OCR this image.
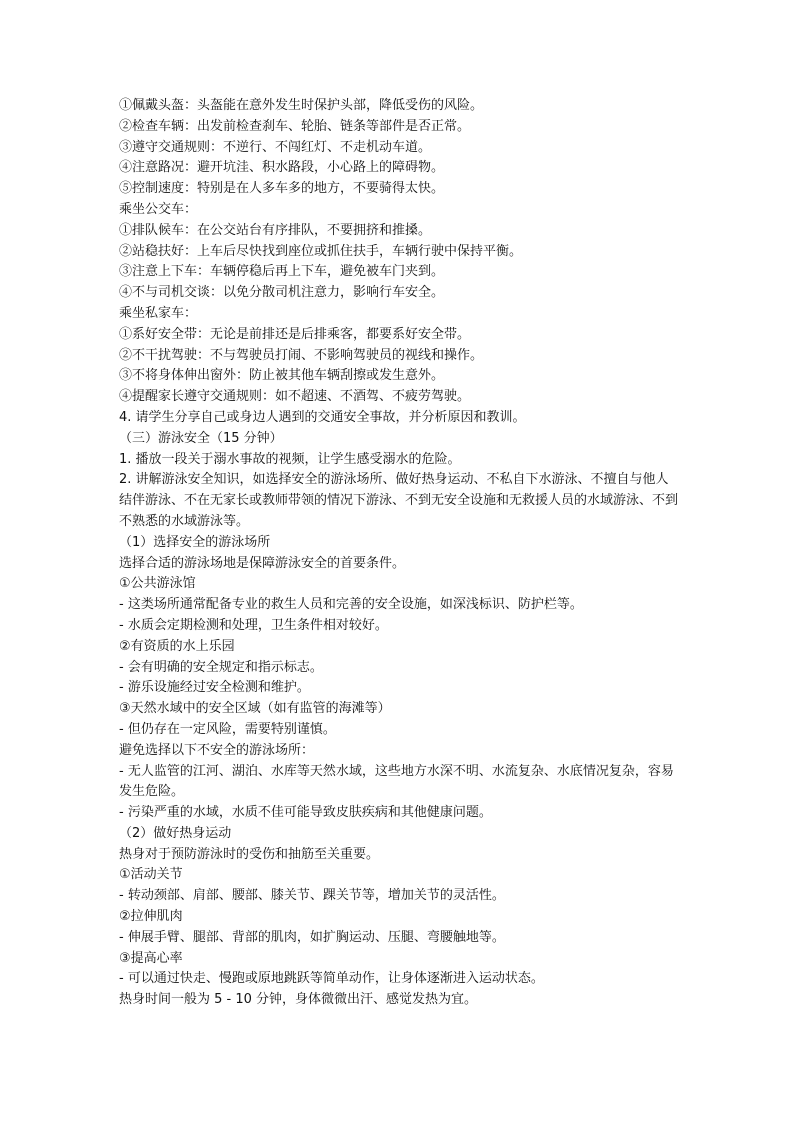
①佩戴头盔：头盔能在意外发生时保护头部，降低受伤的风险。

②检查车辆：出发前检查刹车、轮胎、链条等部件是否正常。

③遵守交通规则：不逆行、不闯红灯、不走机动车道。

④注意路况：避开坑洼、积水路段，小心路上的障碍物。

⑤控制速度：特别是在人多车多的地方，不要骑得太快。

乘坐公交车：

①排队候车：在公交站台有序排队，不要拥挤和推搡。

②站稳扶好：上车后尽快找到座位或抓住扶手，车辆行驶中保持平衡。

③注意上下车：车辆停稳后再上下车，避免被车门夹到。

④不与司机交谈：以免分散司机注意力，影响行车安全。

乘坐私家车：

①系好安全带：无论是前排还是后排乘客，都要系好安全带。

②不干扰驾驶：不与驾驶员打闹、不影响驾驶员的视线和操作。

③不将身体伸出窗外：防止被其他车辆刮擦或发生意外。

④提醒家长遵守交通规则：如不超速、不酒驾、不疲劳驾驶。

4. 请学生分享自己或身边人遇到的交通安全事故，并分析原因和教训。

（三）游泳安全（15 分钟）

1. 播放一段关于溺水事故的视频，让学生感受溺水的危险。

2. 讲解游泳安全知识，如选择安全的游泳场所、做好热身运动、不私自下水游泳、不擅自与他人结伴游泳、不在无家长或教师带领的情况下游泳、不到无安全设施和无救援人员的水域游泳、不到不熟悉的水域游泳等。

（1）选择安全的游泳场所

选择合适的游泳场地是保障游泳安全的首要条件。

①公共游泳馆

- 这类场所通常配备专业的救生人员和完善的安全设施，如深浅标识、防护栏等。

- 水质会定期检测和处理，卫生条件相对较好。

②有资质的水上乐园

- 会有明确的安全规定和指示标志。

- 游乐设施经过安全检测和维护。

③天然水域中的安全区域（如有监管的海滩等）

- 但仍存在一定风险，需要特别谨慎。

避免选择以下不安全的游泳场所：

- 无人监管的江河、湖泊、水库等天然水域，这些地方水深不明、水流复杂、水底情况复杂，容易发生危险。

- 污染严重的水域，水质不佳可能导致皮肤疾病和其他健康问题。

（2）做好热身运动

热身对于预防游泳时的受伤和抽筋至关重要。

①活动关节

- 转动颈部、肩部、腰部、膝关节、踝关节等，增加关节的灵活性。

②拉伸肌肉

- 伸展手臂、腿部、背部的肌肉，如扩胸运动、压腿、弯腰触地等。

③提高心率

- 可以通过快走、慢跑或原地跳跃等简单动作，让身体逐渐进入运动状态。

热身时间一般为 5 - 10 分钟，身体微微出汗、感觉发热为宜。
